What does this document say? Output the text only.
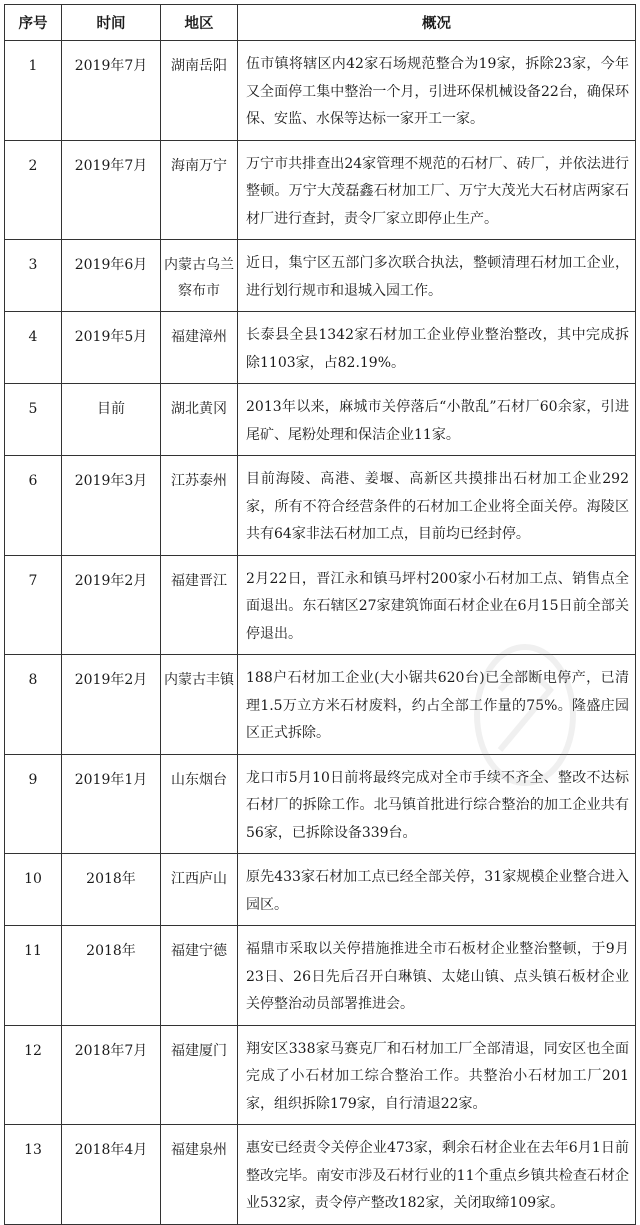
序号	时间	地区	概况
1	2019年7月	湖南岳阳	伍市镇将辖区内42家石场规范整合为19家，拆除23家，今年又全面停工集中整治一个月，引进环保机械设备22台，确保环保、安监、水保等达标一家开工一家。
2	2019年7月	海南万宁	万宁市共排查出24家管理不规范的石材厂、砖厂，并依法进行整顿。万宁大茂磊鑫石材加工厂、万宁大茂光大石材店两家石材厂进行查封，责令厂家立即停止生产。
3	2019年6月	内蒙古乌兰察布市	近日，集宁区五部门多次联合执法，整顿清理石材加工企业，进行划行规市和退城入园工作。
4	2019年5月	福建漳州	长泰县全县1342家石材加工企业停业整治整改，其中完成拆除1103家，占82.19%。
5	目前	湖北黄冈	2013年以来，麻城市关停落后“小散乱”石材厂60余家，引进尾矿、尾粉处理和保洁企业11家。
6	2019年3月	江苏泰州	目前海陵、高港、姜堰、高新区共摸排出石材加工企业292家，所有不符合经营条件的石材加工企业将全面关停。海陵区共有64家非法石材加工点，目前均已经封停。
7	2019年2月	福建晋江	2月22日，晋江永和镇马坪村200家小石材加工点、销售点全面退出。东石辖区27家建筑饰面石材企业在6月15日前全部关停退出。
8	2019年2月	内蒙古丰镇	188户石材加工企业(大小锯共620台)已全部断电停产，已清理1.5万立方米石材废料，约占全部工作量的75%。隆盛庄园区正式拆除。
9	2019年1月	山东烟台	龙口市5月10日前将最终完成对全市手续不齐全、整改不达标石材厂的拆除工作。北马镇首批进行综合整治的加工企业共有56家，已拆除设备339台。
10	2018年	江西庐山	原先433家石材加工点已经全部关停，31家规模企业整合进入园区。
11	2018年	福建宁德	福鼎市采取以关停措施推进全市石板材企业整治整顿，于9月23日、26日先后召开白琳镇、太姥山镇、点头镇石板材企业关停整治动员部署推进会。
12	2018年7月	福建厦门	翔安区338家马赛克厂和石材加工厂全部清退，同安区也全面完成了小石材加工综合整治工作。共整治小石材加工厂201家，组织拆除179家，自行清退22家。
13	2018年4月	福建泉州	惠安已经责令关停企业473家，剩余石材企业在去年6月1日前整改完毕。南安市涉及石材行业的11个重点乡镇共检查石材企业532家，责令停产整改182家，关闭取缔109家。
